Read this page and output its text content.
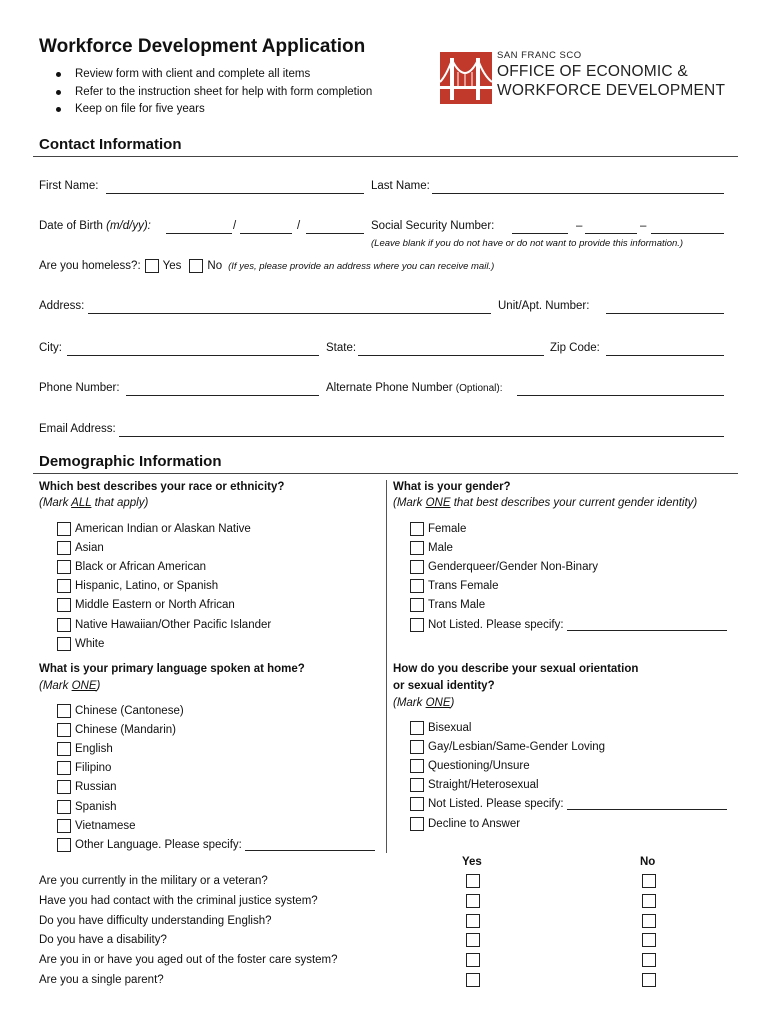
Workforce Development Application
Review form with client and complete all items
Refer to the instruction sheet for help with form completion
Keep on file for five years
SAN FRANC SCO
OFFICE OF ECONOMIC &
WORKFORCE DEVELOPMENT
Contact Information
First Name:	Last Name:
Date of Birth (m/d/yy):	/	/	Social Security Number:	–	–
(Leave blank if you do not have or do not want to provide this information.)
Are you homeless?: Yes No (If yes, please provide an address where you can receive mail.)
Address:	Unit/Apt. Number:
City:	State:	Zip Code:
Phone Number:	Alternate Phone Number (Optional):
Email Address:
Demographic Information
Which best describes your race or ethnicity?
(Mark ALL that apply)
American Indian or Alaskan Native
Asian
Black or African American
Hispanic, Latino, or Spanish
Middle Eastern or North African
Native Hawaiian/Other Pacific Islander
White
What is your gender?
(Mark ONE that best describes your current gender identity)
Female
Male
Genderqueer/Gender Non-Binary
Trans Female
Trans Male
Not Listed. Please specify:
What is your primary language spoken at home?
(Mark ONE)
Chinese (Cantonese)
Chinese (Mandarin)
English
Filipino
Russian
Spanish
Vietnamese
Other Language. Please specify:
How do you describe your sexual orientation
or sexual identity?
(Mark ONE)
Bisexual
Gay/Lesbian/Same-Gender Loving
Questioning/Unsure
Straight/Heterosexual
Not Listed. Please specify:
Decline to Answer
Yes	No
Are you currently in the military or a veteran?
Have you had contact with the criminal justice system?
Do you have difficulty understanding English?
Do you have a disability?
Are you in or have you aged out of the foster care system?
Are you a single parent?
